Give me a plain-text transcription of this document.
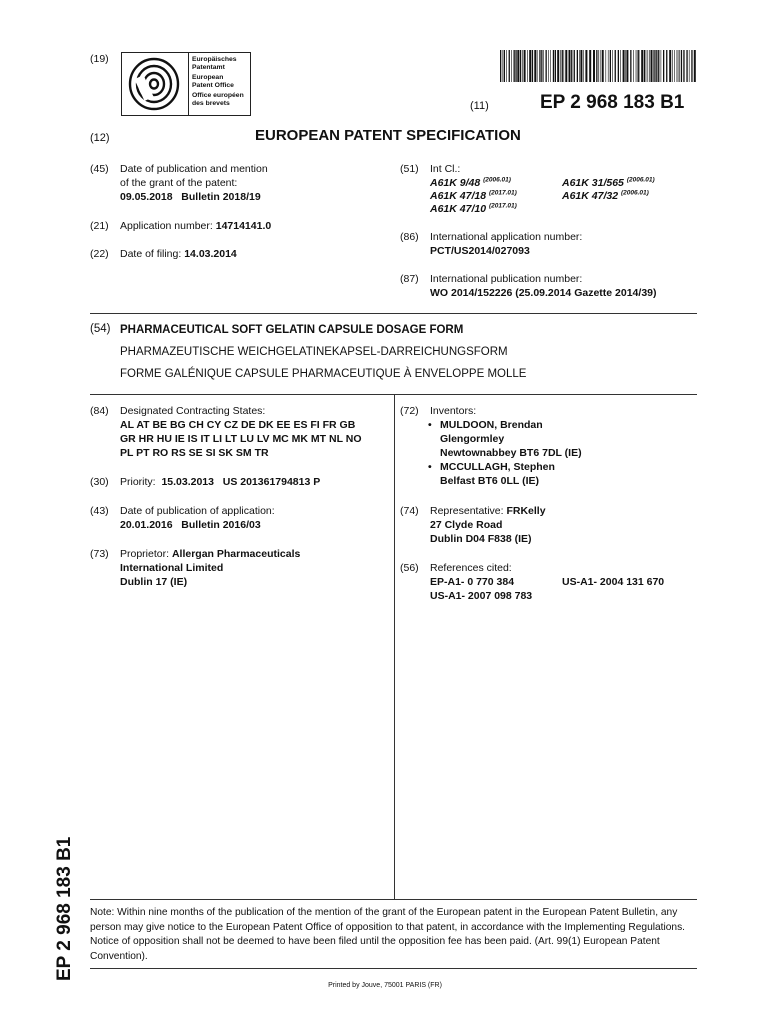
(19)	Europäisches
Patentamt
European
Patent Office
Office européen
des brevets	(11)	EP 2 968 183 B1
(12)	EUROPEAN PATENT SPECIFICATION
(45) Date of publication and mention
of the grant of the patent:
09.05.2018   Bulletin 2018/19
(21) Application number: 14714141.0
(22) Date of filing: 14.03.2014
(51) Int Cl.:
A61K 9/48 $^{(2006.01)}$	A61K 31/565 $^{(2006.01)}$
A61K 47/18 $^{(2017.01)}$	A61K 47/32 $^{(2006.01)}$
A61K 47/10 $^{(2017.01)}$
(86) International application number:
PCT/US2014/027093
(87) International publication number:
WO 2014/152226 (25.09.2014 Gazette 2014/39)
(54) PHARMACEUTICAL SOFT GELATIN CAPSULE DOSAGE FORM
PHARMAZEUTISCHE WEICHGELATINEKAPSEL-DARREICHUNGSFORM
FORME GALÉNIQUE CAPSULE PHARMACEUTIQUE À ENVELOPPE MOLLE
(84) Designated Contracting States:
AL AT BE BG CH CY CZ DE DK EE ES FI FR GB
GR HR HU IE IS IT LI LT LU LV MC MK MT NL NO
PL PT RO RS SE SI SK SM TR
(30) Priority: 15.03.2013   US 201361794813 P
(43) Date of publication of application:
20.01.2016   Bulletin 2016/03
(73) Proprietor: Allergan Pharmaceuticals
International Limited
Dublin 17 (IE)
(72) Inventors:
• MULDOON, Brendan
Glengormley
Newtownabbey BT6 7DL (IE)
• MCCULLAGH, Stephen
Belfast BT6 0LL (IE)
(74) Representative: FRKelly
27 Clyde Road
Dublin D04 F838 (IE)
(56) References cited:
EP-A1- 0 770 384	US-A1- 2004 131 670
US-A1- 2007 098 783
EP 2 968 183 B1 Note: Within nine months of the publication of the mention of the grant of the European patent in the European Patent Bulletin, any person may give notice to the European Patent Office of opposition to that patent, in accordance with the Implementing Regulations. Notice of opposition shall not be deemed to have been filed until the opposition fee has been paid. (Art. 99(1) European Patent Convention).
Printed by Jouve, 75001 PARIS (FR)
